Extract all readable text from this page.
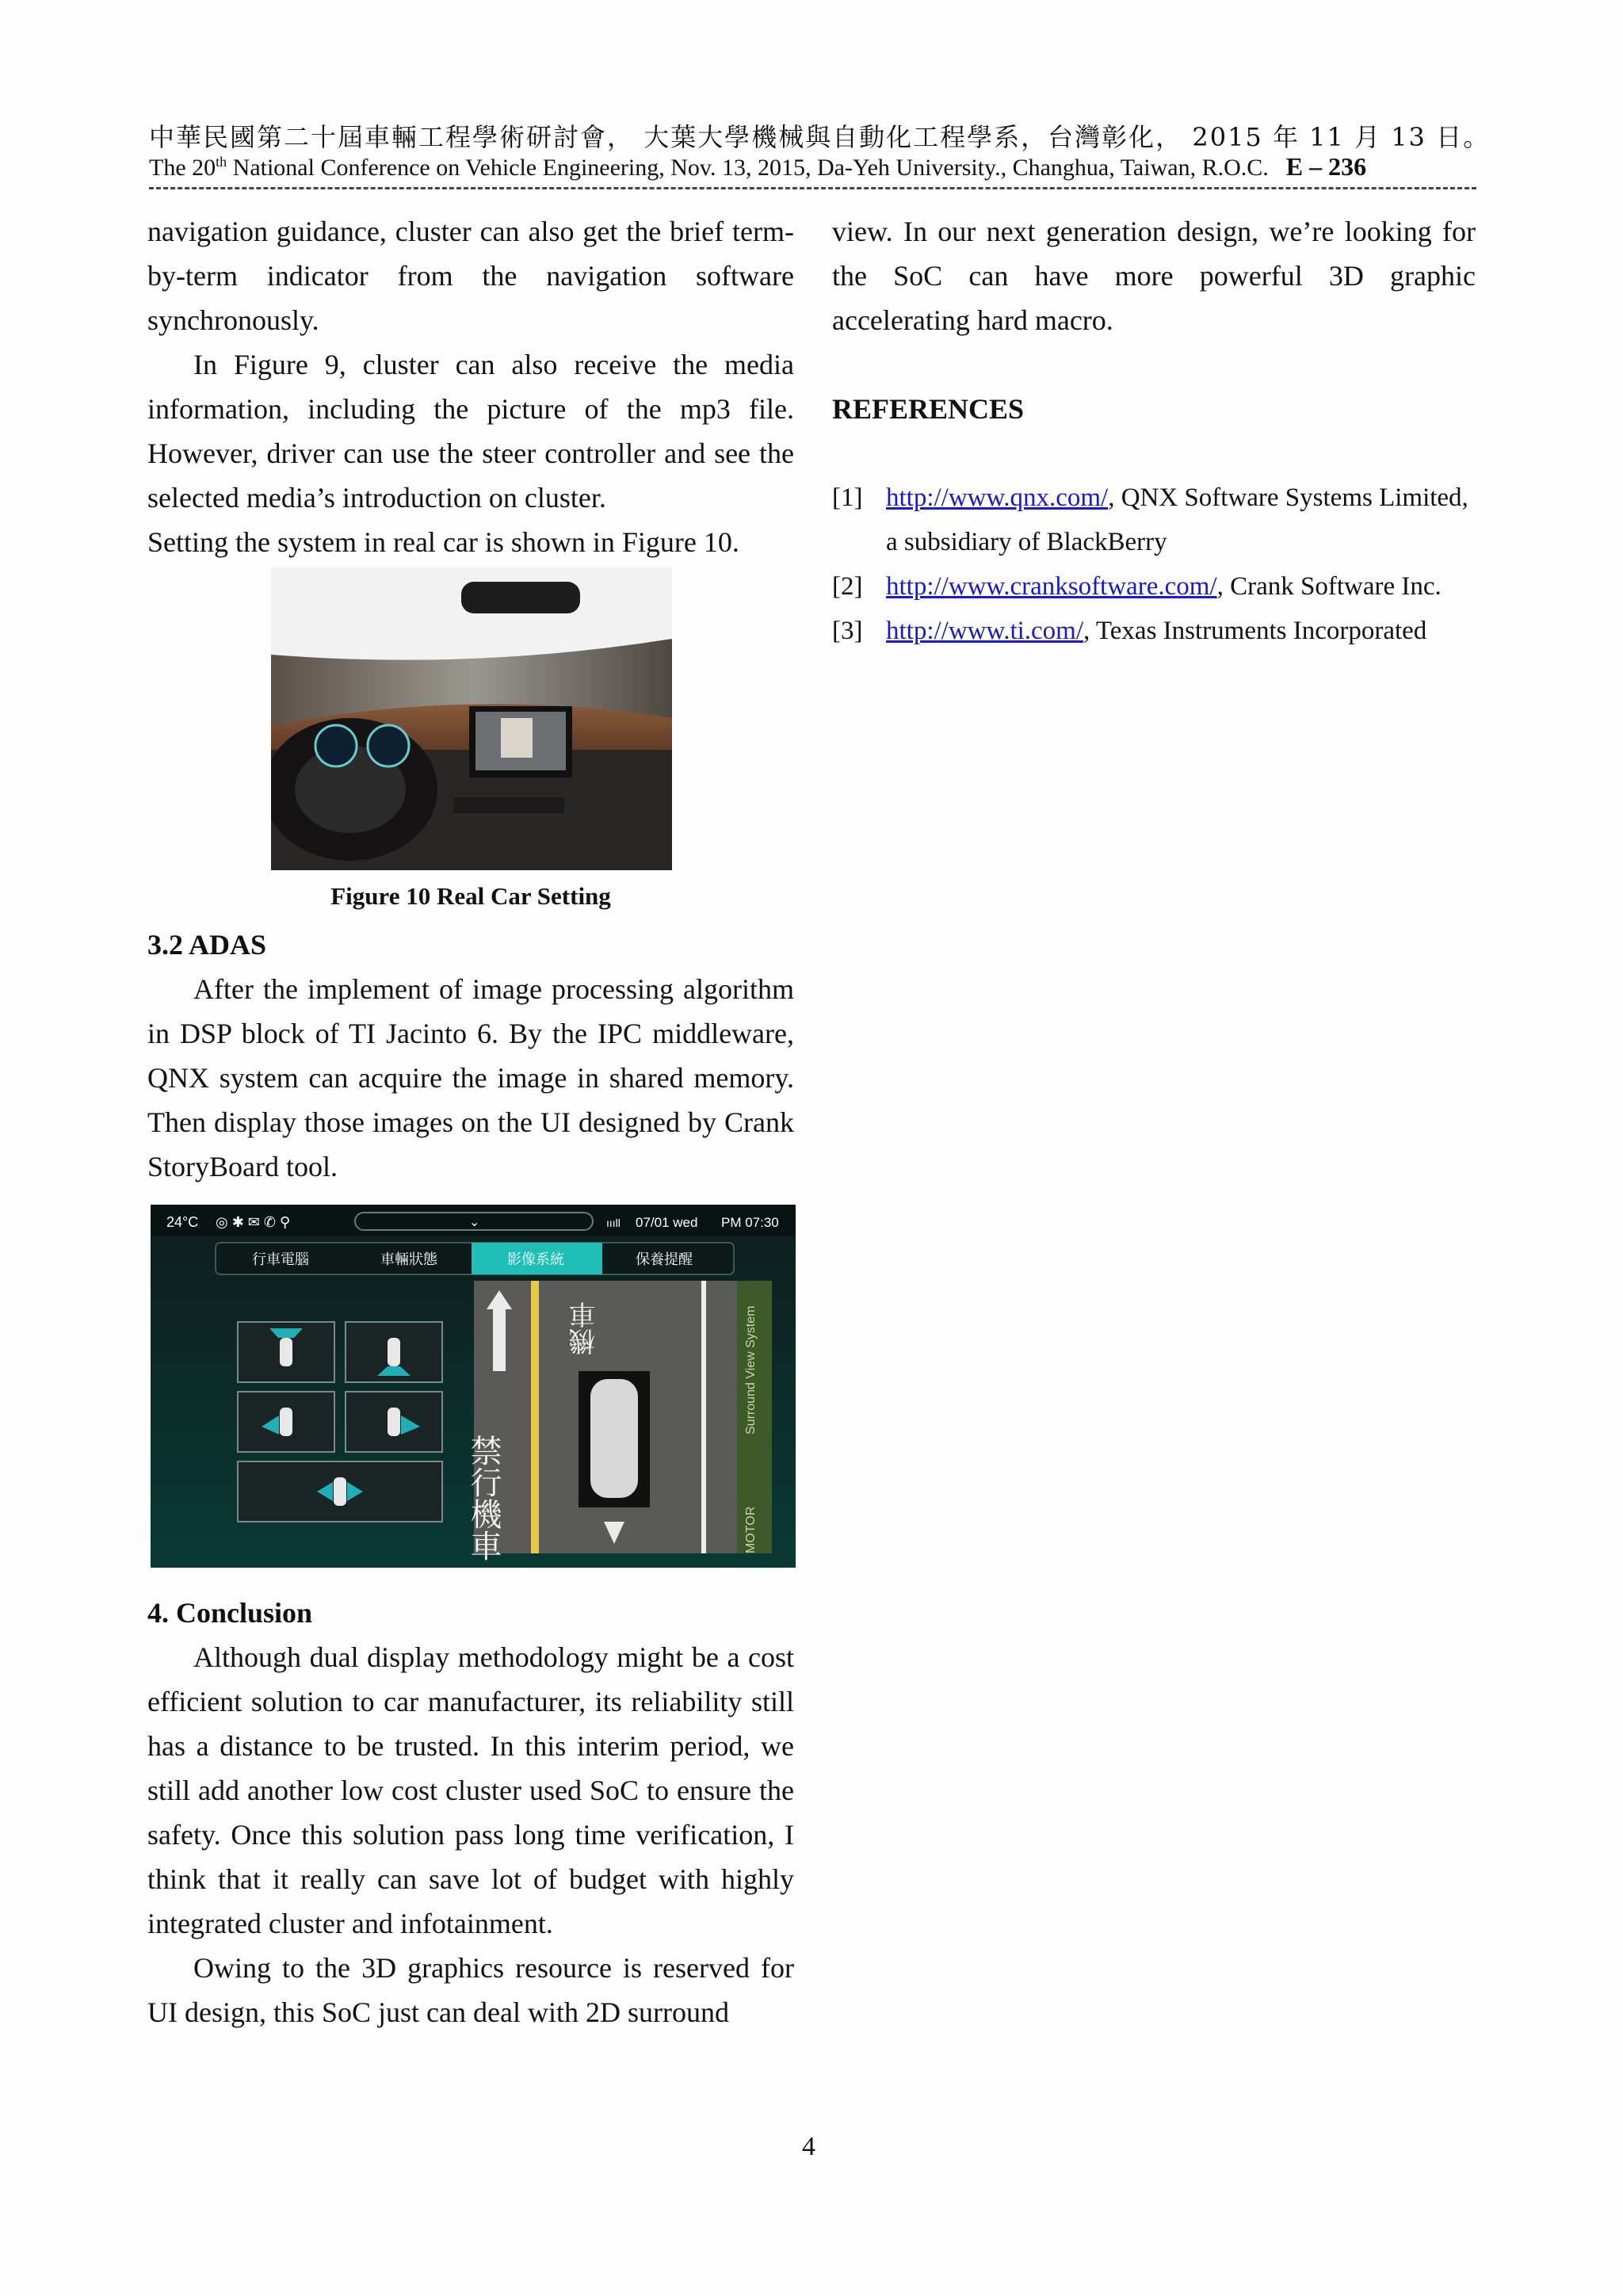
中華民國第二十屆車輛工程學術研討會， 大葉大學機械與自動化工程學系，台灣彰化， 2015 年 11 月 13 日。
The 20th National Conference on Vehicle Engineering, Nov. 13, 2015, Da-Yeh University., Changhua, Taiwan, R.O.C. E – 236

navigation guidance, cluster can also get the brief term-by-term indicator from the navigation software synchronously.

In Figure 9, cluster can also receive the media information, including the picture of the mp3 file. However, driver can use the steer controller and see the selected media’s introduction on cluster.

Setting the system in real car is shown in Figure 10.

Figure 10 Real Car Setting

3.2 ADAS

After the implement of image processing algorithm in DSP block of TI Jacinto 6. By the IPC middleware, QNX system can acquire the image in shared memory. Then display those images on the UI designed by Crank StoryBoard tool.

24°C ◎ ✱ ✉ ✆ ⚲	⌄	ıııll 07/01 wed PM 07:30
行車電腦	車輛狀態	影像系統	保養提醒
禁行機車
機車	Surround View System
MOTOR

4. Conclusion

Although dual display methodology might be a cost efficient solution to car manufacturer, its reliability still has a distance to be trusted. In this interim period, we still add another low cost cluster used SoC to ensure the safety. Once this solution pass long time verification, I think that it really can save lot of budget with highly integrated cluster and infotainment.

Owing to the 3D graphics resource is reserved for UI design, this SoC just can deal with 2D surround

view. In our next generation design, we’re looking for the SoC can have more powerful 3D graphic accelerating hard macro.

REFERENCES

[1] http://www.qnx.com/, QNX Software Systems Limited, a subsidiary of BlackBerry
[2] http://www.cranksoftware.com/, Crank Software Inc.
[3] http://www.ti.com/, Texas Instruments Incorporated
4
